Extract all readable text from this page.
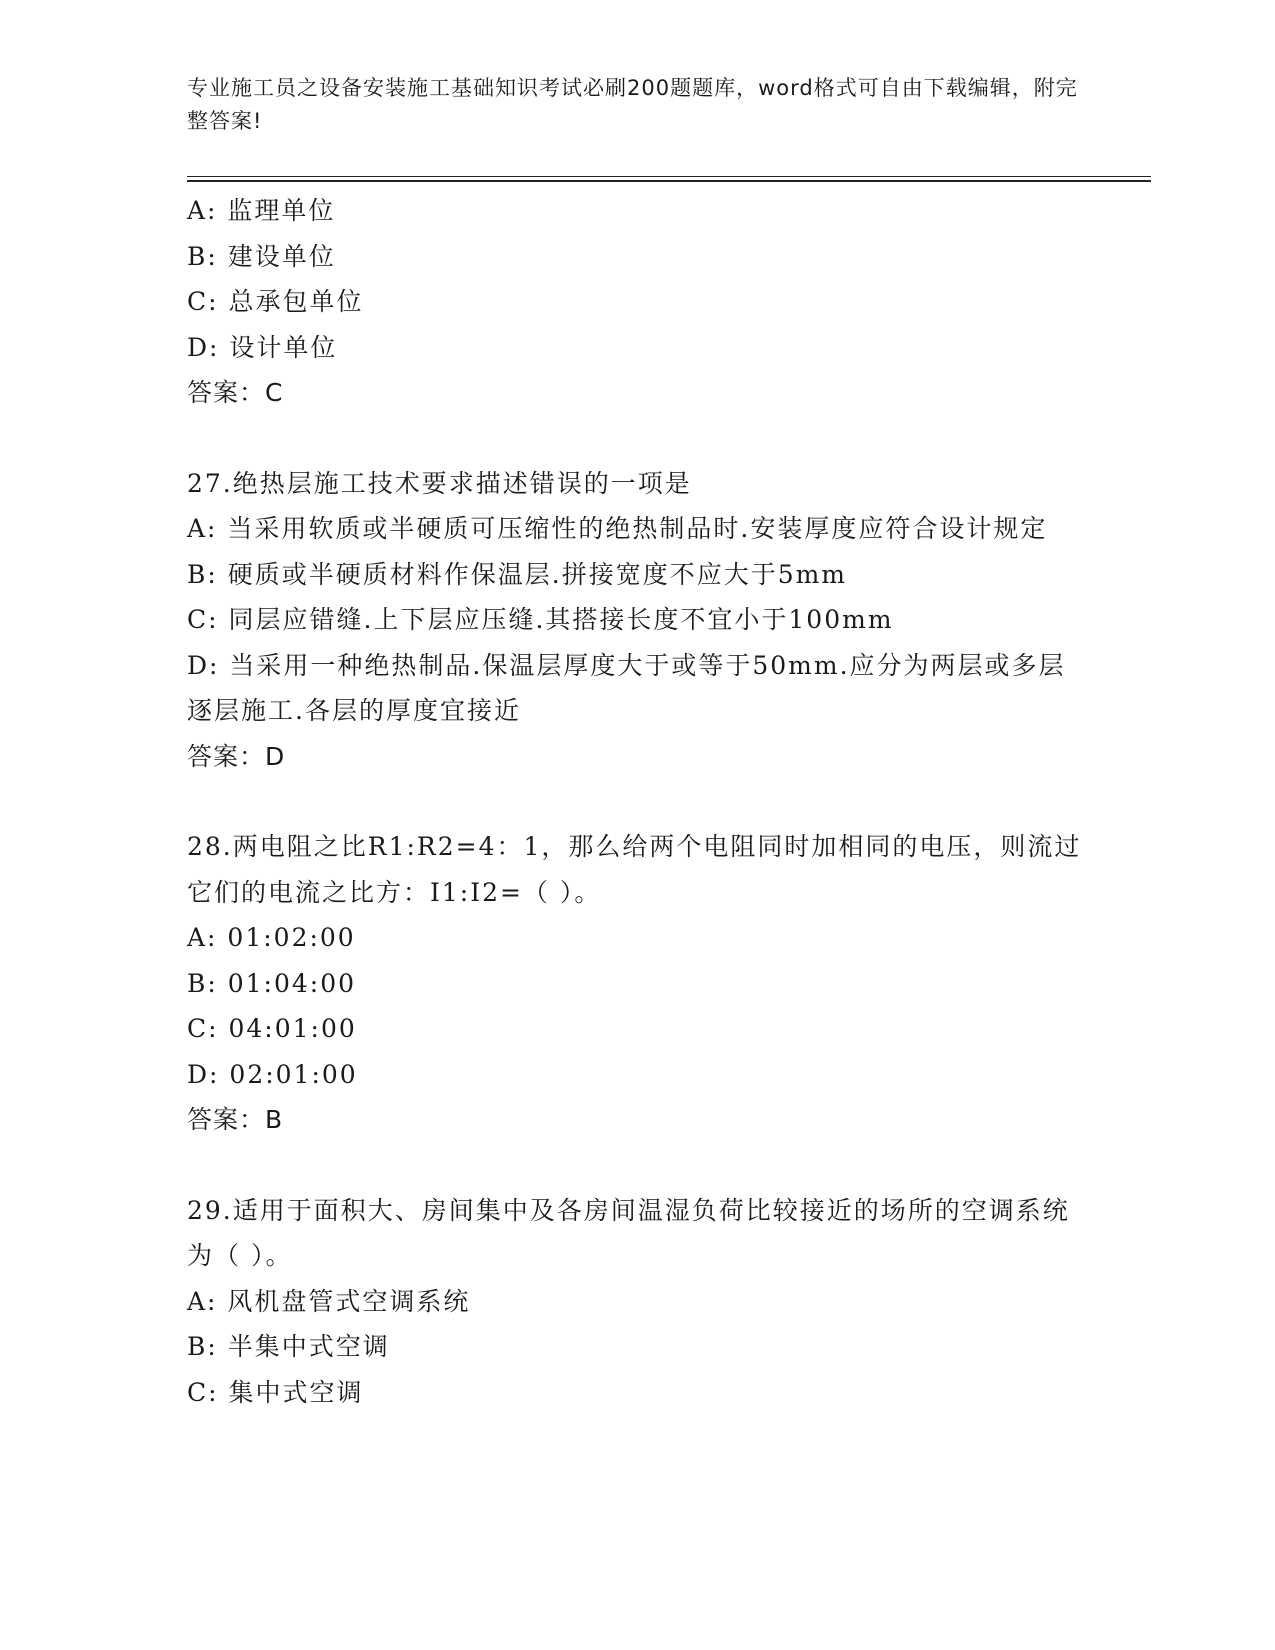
专业施工员之设备安装施工基础知识考试必刷200题题库，word格式可自由下载编辑，附完整答案!

A: 监理单位

B: 建设单位

C: 总承包单位

D: 设计单位

答案：C

27.绝热层施工技术要求描述错误的一项是

A: 当采用软质或半硬质可压缩性的绝热制品时.安装厚度应符合设计规定

B: 硬质或半硬质材料作保温层.拼接宽度不应大于5mm

C: 同层应错缝.上下层应压缝.其搭接长度不宜小于100mm

D: 当采用一种绝热制品.保温层厚度大于或等于50mm.应分为两层或多层逐层施工.各层的厚度宜接近

答案：D

28.两电阻之比R1:R2=4：1，那么给两个电阻同时加相同的电压，则流过它们的电流之比方：I1:I2=（ ）。

A: 01:02:00

B: 01:04:00

C: 04:01:00

D: 02:01:00

答案：B

29.适用于面积大、房间集中及各房间温湿负荷比较接近的场所的空调系统为（ ）。

A: 风机盘管式空调系统

B: 半集中式空调

C: 集中式空调
